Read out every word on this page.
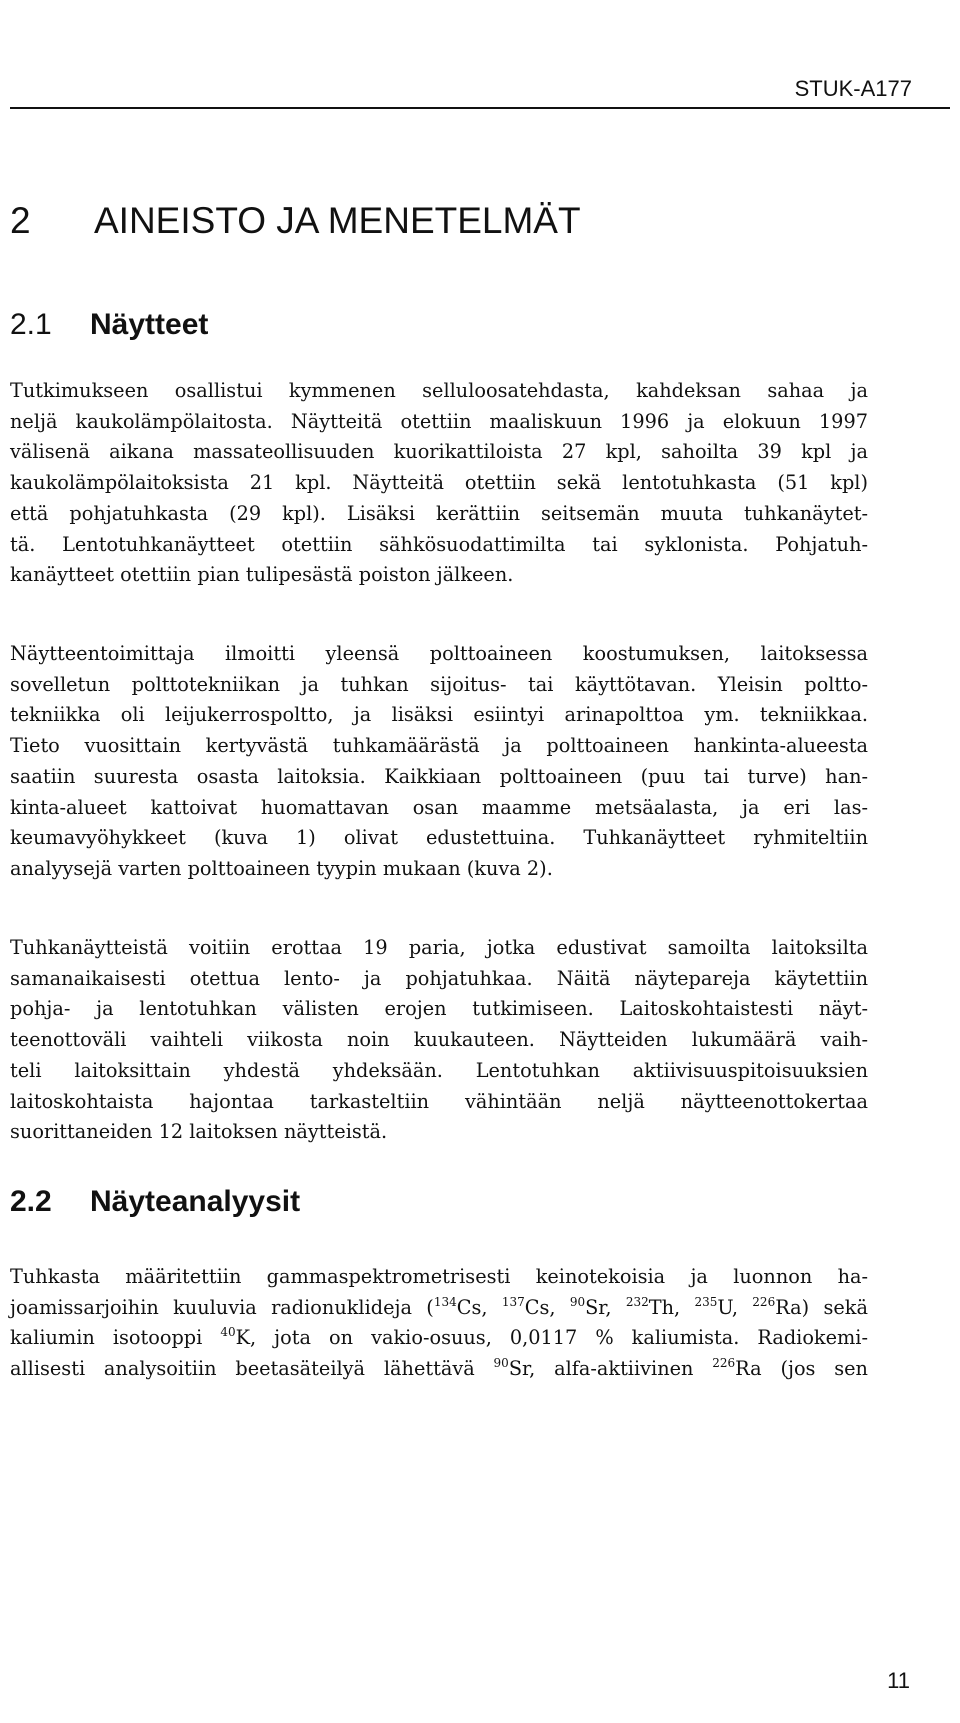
STUK-A177
2 AINEISTO JA MENETELMÄT
2.1 Näytteet
Tutkimukseen osallistui kymmenen selluloosatehdasta, kahdeksan sahaa ja
neljä kaukolämpölaitosta. Näytteitä otettiin maaliskuun 1996 ja elokuun 1997
välisenä aikana massateollisuuden kuorikattiloista 27 kpl, sahoilta 39 kpl ja
kaukolämpölaitoksista 21 kpl. Näytteitä otettiin sekä lentotuhkasta (51 kpl)
että pohjatuhkasta (29 kpl). Lisäksi kerättiin seitsemän muuta tuhkanäytet-
tä. Lentotuhkanäytteet otettiin sähkösuodattimilta tai syklonista. Pohjatuh-
kanäytteet otettiin pian tulipesästä poiston jälkeen.
Näytteentoimittaja ilmoitti yleensä polttoaineen koostumuksen, laitoksessa
sovelletun polttotekniikan ja tuhkan sijoitus- tai käyttötavan. Yleisin poltto-
tekniikka oli leijukerrospoltto, ja lisäksi esiintyi arinapolttoa ym. tekniikkaa.
Tieto vuosittain kertyvästä tuhkamäärästä ja polttoaineen hankinta-alueesta
saatiin suuresta osasta laitoksia. Kaikkiaan polttoaineen (puu tai turve) han-
kinta-alueet kattoivat huomattavan osan maamme metsäalasta, ja eri las-
keumavyöhykkeet (kuva 1) olivat edustettuina. Tuhkanäytteet ryhmiteltiin
analyysejä varten polttoaineen tyypin mukaan (kuva 2).
Tuhkanäytteistä voitiin erottaa 19 paria, jotka edustivat samoilta laitoksilta
samanaikaisesti otettua lento- ja pohjatuhkaa. Näitä näytepareja käytettiin
pohja- ja lentotuhkan välisten erojen tutkimiseen. Laitoskohtaistesti näyt-
teenottoväli vaihteli viikosta noin kuukauteen. Näytteiden lukumäärä vaih-
teli laitoksittain yhdestä yhdeksään. Lentotuhkan aktiivisuuspitoisuuksien
laitoskohtaista hajontaa tarkasteltiin vähintään neljä näytteenottokertaa
suorittaneiden 12 laitoksen näytteistä.
2.2 Näyteanalyysit
Tuhkasta määritettiin gammaspektrometrisesti keinotekoisia ja luonnon ha-
joamissarjoihin kuuluvia radionuklideja ($^{134}$Cs, $^{137}$Cs, $^{90}$Sr, $^{232}$Th, $^{235}$U, $^{226}$Ra) sekä
kaliumin isotooppi $^{40}$K, jota on vakio-osuus, 0,0117 % kaliumista. Radiokemi-
allisesti analysoitiin beetasäteilyä lähettävä $^{90}$Sr, alfa-aktiivinen $^{226}$Ra (jos sen
11
